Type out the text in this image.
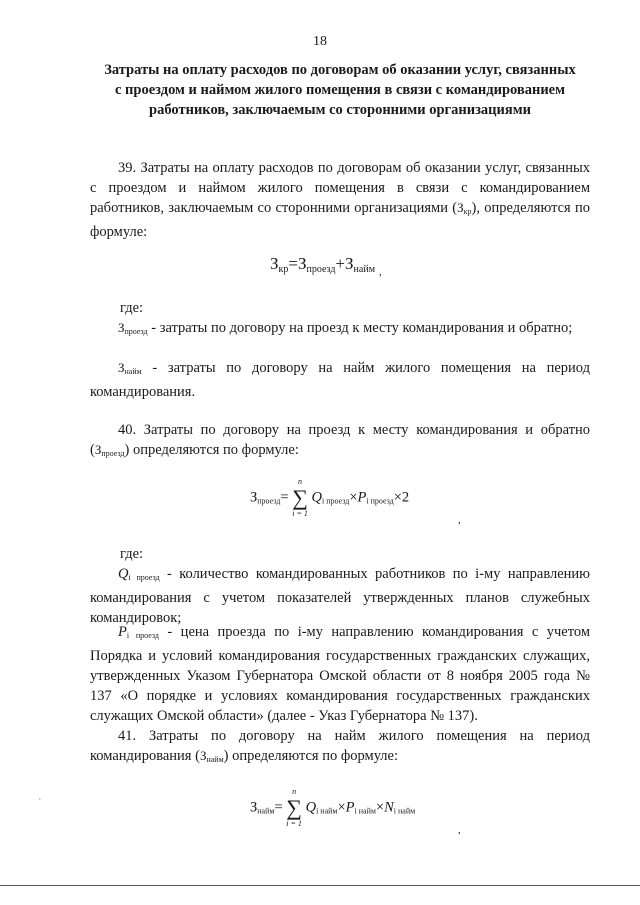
18
Затраты на оплату расходов по договорам об оказании услуг, связанных с проездом и наймом жилого помещения в связи с командированием работников, заключаемым со сторонними организациями
39. Затраты на оплату расходов по договорам об оказании услуг, связанных с проездом и наймом жилого помещения в связи с командированием работников, заключаемым со сторонними организациями $(З_{кр})$, определяются по формуле:
Зкр=Зпроезд+Знайм $_,$
где:
$З_{проезд}$ - затраты по договору на проезд к месту командирования и обратно;
$З_{найм}$ - затраты по договору на найм жилого помещения на период командирования.
40. Затраты по договору на проезд к месту командирования и обратно $(З_{проезд})$ определяются по формуле:
$З_{проезд}=$
n
∑
i = 1
$Q_{i проезд}\times P_{i проезд}\times 2$
,
где:
$Q_{i проезд}$ - количество командированных работников по i-му направлению командирования с учетом показателей утвержденных планов служебных командировок;
$P_{i проезд}$ - цена проезда по i-му направлению командирования с учетом Порядка и условий командирования государственных гражданских служащих, утвержденных Указом Губернатора Омской области от 8 ноября 2005 года № 137 «О порядке и условиях командирования государственных гражданских служащих Омской области» (далее - Указ Губернатора № 137).
41. Затраты по договору на найм жилого помещения на период командирования $(З_{найм})$ определяются по формуле:
$З_{найм}=$
n
∑
i = 1
$Q_{i найм}\times P_{i найм}\times N_{i найм}$
,
`
